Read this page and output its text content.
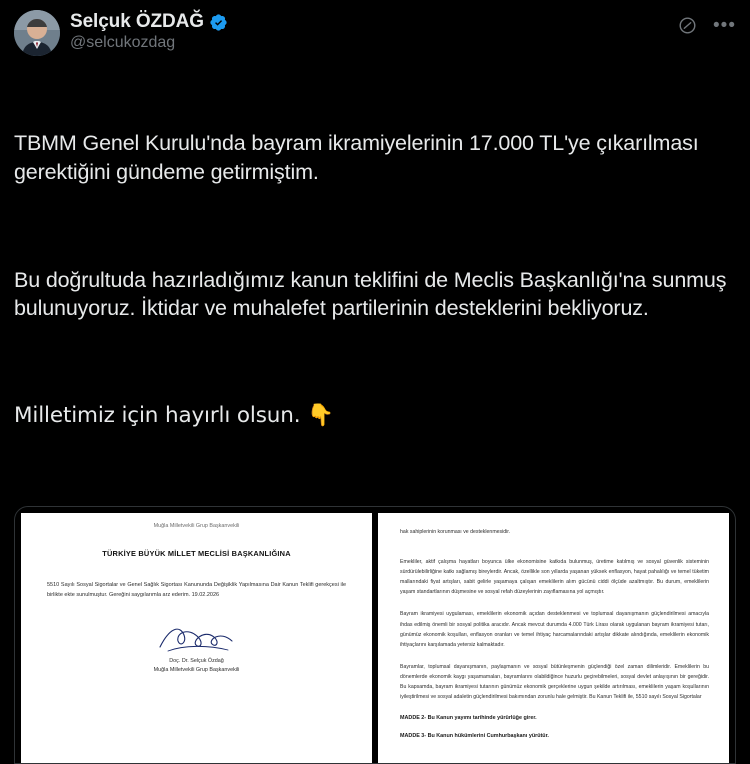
Selçuk ÖZDAĞ
@selcukozdag
•••

TBMM Genel Kurulu'nda bayram ikramiyelerinin 17.000 TL'ye çıkarılması gerektiğini gündeme getirmiştim.

Bu doğrultuda hazırladığımız kanun teklifini de Meclis Başkanlığı'na sunmuş bulunuyoruz. İktidar ve muhalefet partilerinin desteklerini bekliyoruz.

Milletimiz için hayırlı olsun. 👇

Muğla Milletvekili Grup Başkanvekili
TÜRKİYE BÜYÜK MİLLET MECLİSİ BAŞKANLIĞINA
5510 Sayılı Sosyal Sigortalar ve Genel Sağlık Sigortası Kanununda Değişiklik Yapılmasına Dair Kanun Teklifi gerekçesi ile birlikte ekte sunulmuştur. Gereğini saygılarımla arz ederim. 19.02.2026
Doç. Dr. Selçuk Özdağ
Muğla Milletvekili Grup Başkanvekili
hak sahiplerinin korunması ve desteklenmesidir.
Emekliler, aktif çalışma hayatları boyunca ülke ekonomisine katkıda bulunmuş, üretime katılmış ve sosyal güvenlik sisteminin sürdürülebilirliğine katkı sağlamış bireylerdir. Ancak, özellikle son yıllarda yaşanan yüksek enflasyon, hayat pahalılığı ve temel tüketim mallarındaki fiyat artışları, sabit gelirle yaşamaya çalışan emeklilerin alım gücünü ciddi ölçüde azaltmıştır. Bu durum, emeklilerin yaşam standartlarının düşmesine ve sosyal refah düzeylerinin zayıflamasına yol açmıştır.
Bayram ikramiyesi uygulaması, emeklilerin ekonomik açıdan desteklenmesi ve toplumsal dayanışmanın güçlendirilmesi amacıyla ihdas edilmiş önemli bir sosyal politika aracıdır. Ancak mevcut durumda 4.000 Türk Lirası olarak uygulanan bayram ikramiyesi tutarı, günümüz ekonomik koşulları, enflasyon oranları ve temel ihtiyaç harcamalarındaki artışlar dikkate alındığında, emeklilerin ekonomik ihtiyaçlarını karşılamada yetersiz kalmaktadır.
Bayramlar, toplumsal dayanışmanın, paylaşmanın ve sosyal bütünleşmenin güçlendiği özel zaman dilimleridir. Emeklilerin bu dönemlerde ekonomik kaygı yaşamamaları, bayramlarını olabildiğince huzurlu geçirebilmeleri, sosyal devlet anlayışının bir gereğidir. Bu kapsamda, bayram ikramiyesi tutarının günümüz ekonomik gerçeklerine uygun şekilde artırılması, emeklilerin yaşam koşullarının iyileştirilmesi ve sosyal adaletin güçlendirilmesi bakımından zorunlu hale gelmiştir. Bu Kanun Teklifi ile, 5510 sayılı Sosyal Sigortalar
MADDE 2- Bu Kanun yayımı tarihinde yürürlüğe girer.
MADDE 3- Bu Kanun hükümlerini Cumhurbaşkanı yürütür.
